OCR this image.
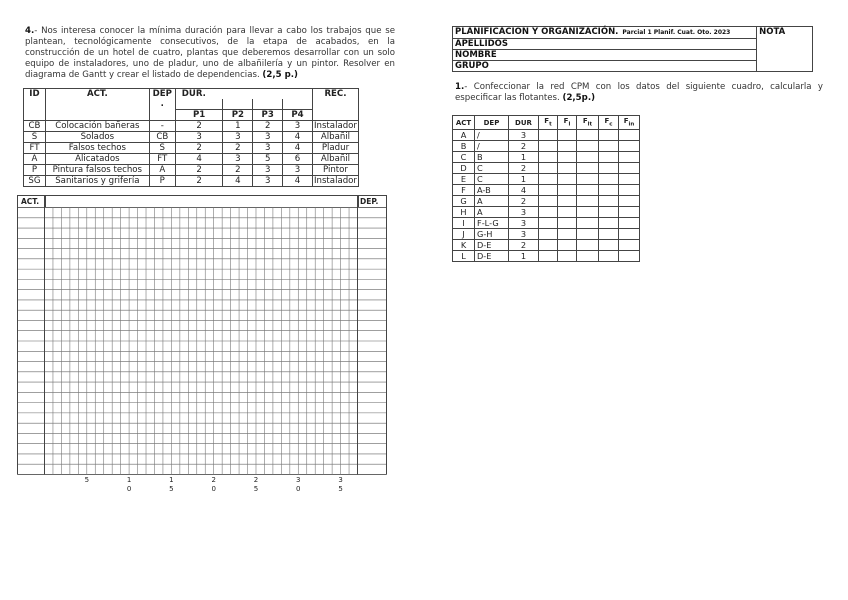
4.- Nos interesa conocer la mínima duración para llevar a cabo los trabajos que se plantean, tecnológicamente consecutivos, de la etapa de acabados, en la construcción de un hotel de cuatro, plantas que deberemos desarrollar con un solo equipo de instaladores, uno de pladur, uno de albañilería y un pintor. Resolver en diagrama de Gantt y crear el listado de dependencias. (2,5 p.)
ID	ACT.	DEP	DUR.				REC.
		.					
			P1	P2	P3	P4	
CB	Colocación bañeras	-	2	1	2	3	Instalador
S	Solados	CB	3	3	3	4	Albañil
FT	Falsos techos	S	2	2	3	4	Pladur
A	Alicatados	FT	4	3	5	6	Albañil
P	Pintura falsos techos	A	2	2	3	3	Pintor
SG	Sanitarios y grifería	P	2	4	3	4	Instalador
ACT.	DEP.
5	1
0
1
5
2
0
2
5
3
0
3
5
PLANIFICACION Y ORGANIZACIÓN. Parcial 1 Planif. Cuat. Oto. 2023	NOTA
APELLIDOS
NOMBRE
GRUPO
1.- Confeccionar la red CPM con los datos del siguiente cuadro, calcularla y especificar las flotantes. (2,5p.)
ACT	DEP	DUR	$F_t$	$F_l$	$F_{lt}$	$F_c$	$F_{in}$
A	/	3					
B	/	2					
C	B	1					
D	C	2					
E	C	1					
F	A-B	4					
G	A	2					
H	A	3					
I	F-L-G	3					
J	G-H	3					
K	D-E	2					
L	D-E	1					
